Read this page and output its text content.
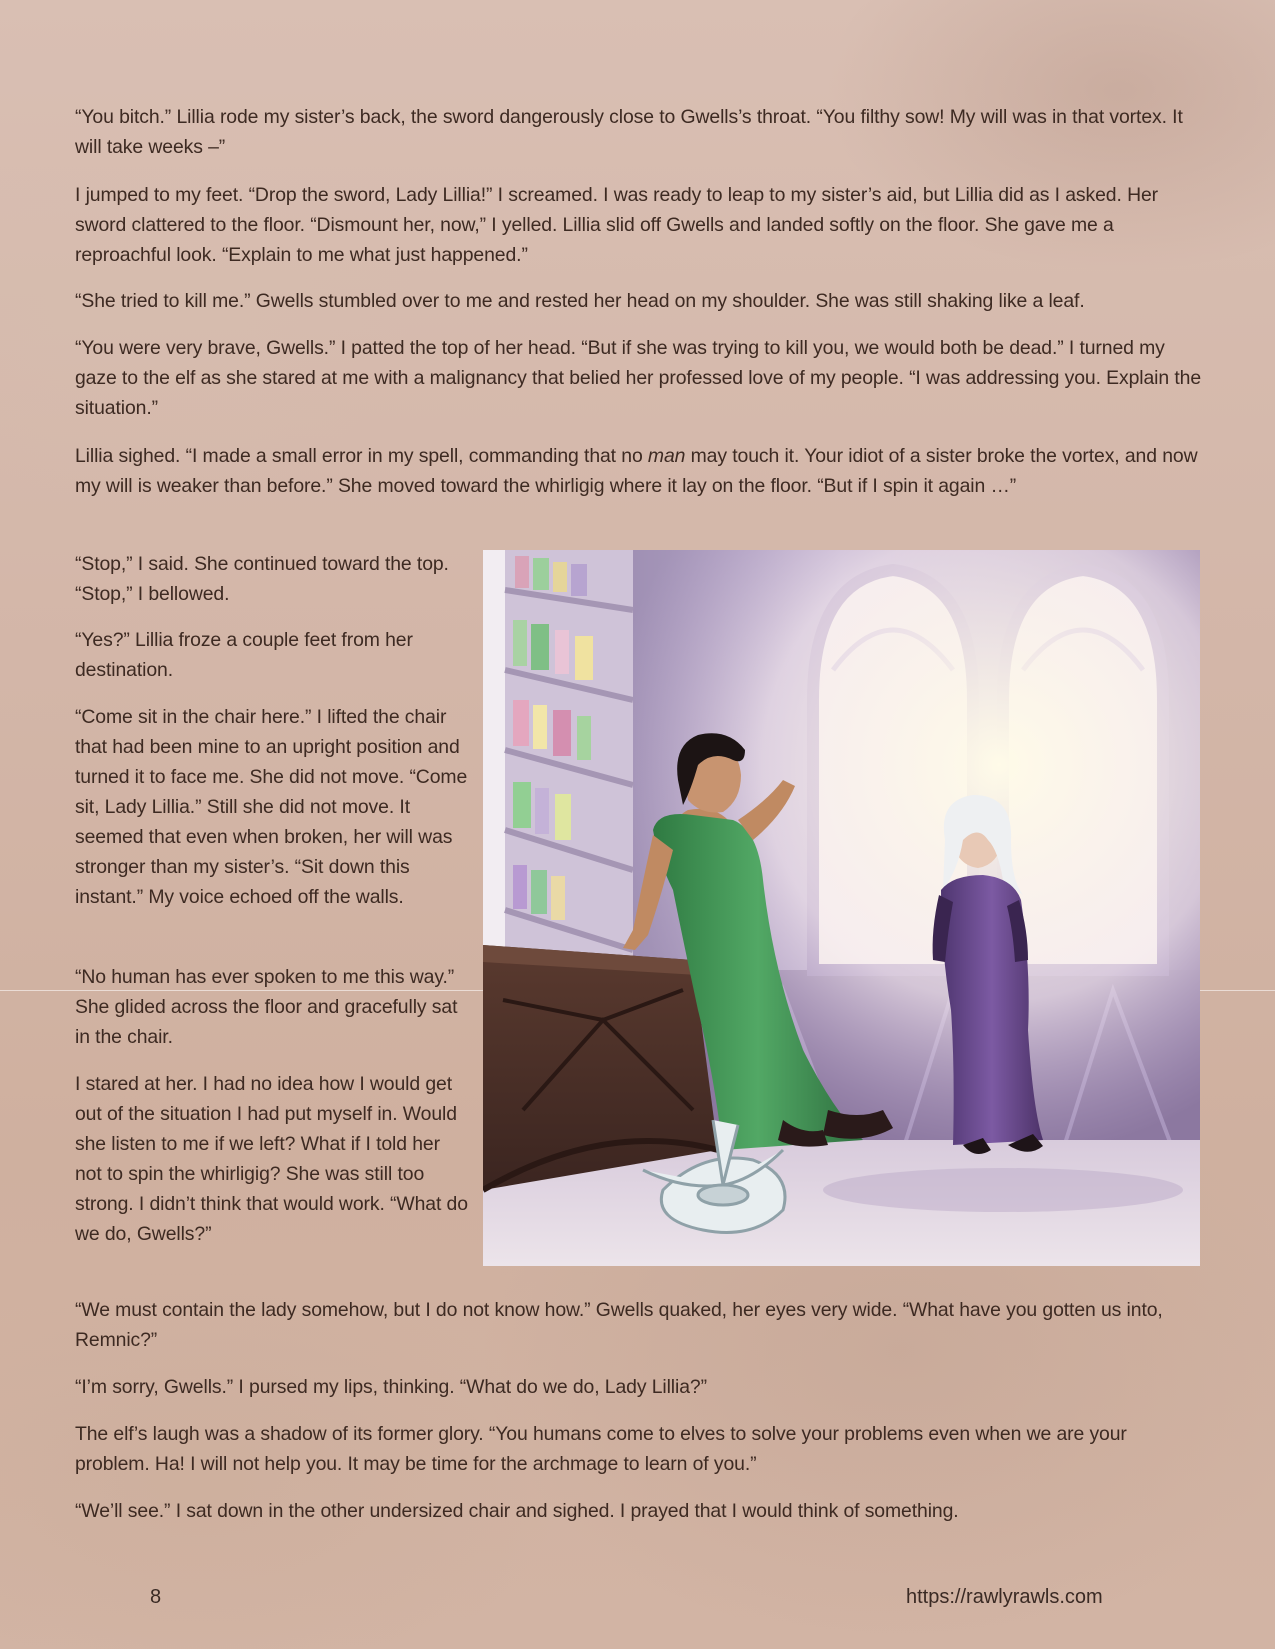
“You bitch.” Lillia rode my sister’s back, the sword dangerously close to Gwells’s throat. “You filthy sow! My will was in that vortex. It will take weeks –”

I jumped to my feet. “Drop the sword, Lady Lillia!” I screamed. I was ready to leap to my sister’s aid, but Lillia did as I asked. Her sword clattered to the floor. “Dismount her, now,” I yelled. Lillia slid off Gwells and landed softly on the floor. She gave me a reproachful look. “Explain to me what just happened.”

“She tried to kill me.” Gwells stumbled over to me and rested her head on my shoulder. She was still shaking like a leaf.

“You were very brave, Gwells.” I patted the top of her head. “But if she was trying to kill you, we would both be dead.” I turned my gaze to the elf as she stared at me with a malignancy that belied her professed love of my people. “I was addressing you. Explain the situation.”

Lillia sighed. “I made a small error in my spell, commanding that no man may touch it. Your idiot of a sister broke the vortex, and now my will is weaker than before.” She moved toward the whirligig where it lay on the floor. “But if I spin it again …”

“Stop,” I said. She continued toward the top. “Stop,” I bellowed.

“Yes?” Lillia froze a couple feet from her destination.

“Come sit in the chair here.” I lifted the chair that had been mine to an upright position and turned it to face me. She did not move. “Come sit, Lady Lillia.” Still she did not move. It seemed that even when broken, her will was stronger than my sister’s. “Sit down this instant.” My voice echoed off the walls.

“No human has ever spoken to me this way.” She glided across the floor and gracefully sat in the chair.

I stared at her. I had no idea how I would get out of the situation I had put myself in. Would she listen to me if we left? What if I told her not to spin the whirligig? She was still too strong. I didn’t think that would work. “What do we do, Gwells?”

“We must contain the lady somehow, but I do not know how.” Gwells quaked, her eyes very wide. “What have you gotten us into, Remnic?”

“I’m sorry, Gwells.” I pursed my lips, thinking. “What do we do, Lady Lillia?”

The elf’s laugh was a shadow of its former glory. “You humans come to elves to solve your problems even when we are your problem. Ha! I will not help you. It may be time for the archmage to learn of you.”

“We’ll see.” I sat down in the other undersized chair and sighed. I prayed that I would think of something.

8	https://rawlyrawls.com
